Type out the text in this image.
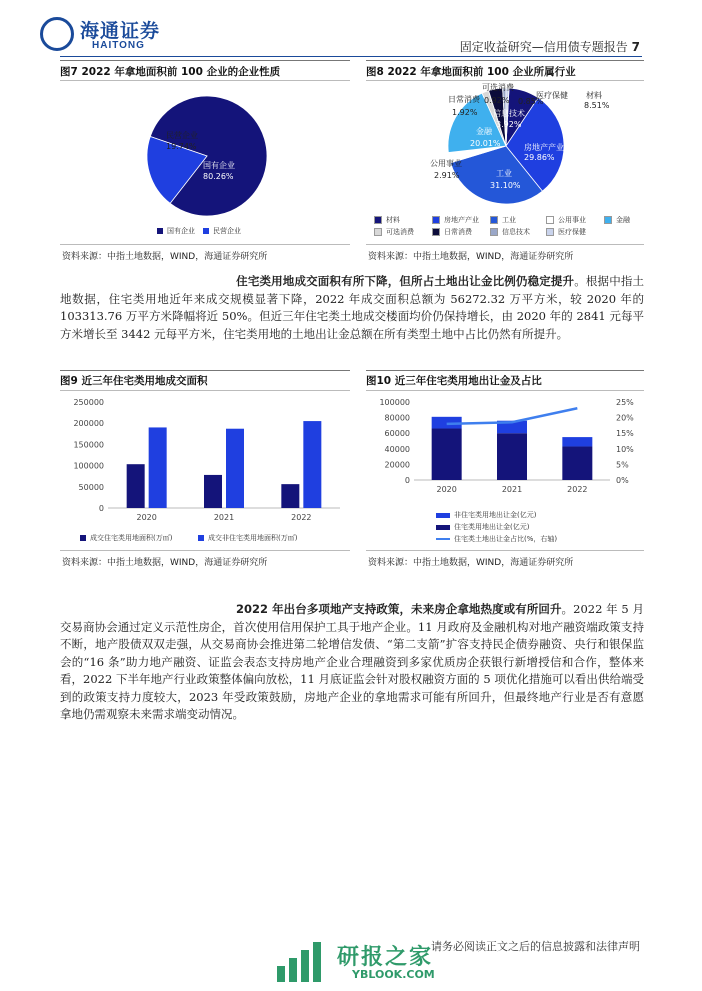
海通证券
HAITONG	固定收益研究—信用债专题报告 7
图7 2022 年拿地面积前 100 企业的企业性质
民营企业
19.74%
国有企业
80.26%
国有企业	民营企业
资料来源：中指土地数据，WIND，海通证券研究所
图8 2022 年拿地面积前 100 企业所属行业
医疗保健
0.85%
可选消费
0.92%
材料
8.51%
日常消费
1.92% 信息技术
3.92%
金融
20.01%	房地产产业
29.86%
公用事业
2.91%	工业
31.10%
材料	房地产产业	工业	公用事业	金融
可选消费	日常消费	信息技术	医疗保健
资料来源：中指土地数据，WIND，海通证券研究所
住宅类用地成交面积有所下降，但所占土地出让金比例仍稳定提升。根据中指土地数据，住宅类用地近年来成交规模显著下降，2022 年成交面积总额为 56272.32 万平方米，较 2020 年的 103313.76 万平方米降幅将近 50%。但近三年住宅类土地成交楼面均价仍保持增长，由 2020 年的 2841 元每平方米增长至 3442 元每平方米，住宅类用地的土地出让金总额在所有类型土地中占比仍然有所提升。
图9 近三年住宅类用地成交面积
0
50000
100000
150000
200000
250000
2020	2021	2022
成交住宅类用地面积(万㎡)	成交非住宅类用地面积(万㎡)
资料来源：中指土地数据，WIND，海通证券研究所
图10 近三年住宅类用地出让金及占比
0
20000
40000
60000
80000
100000
0%
5%
10%
15%
20%
25%
2020	2021	2022
非住宅类用地出让金(亿元)
住宅类用地出让金(亿元)
住宅类土地出让金占比(%，右轴)
资料来源：中指土地数据，WIND，海通证券研究所
2022 年出台多项地产支持政策，未来房企拿地热度或有所回升。2022 年 5 月交易商协会通过定义示范性房企，首次使用信用保护工具于地产企业。11 月政府及金融机构对地产融资端政策支持不断，地产股债双双走强，从交易商协会推进第二轮增信发债、“第二支箭”扩容支持民企债券融资、央行和银保监会的“16 条”助力地产融资、证监会表态支持房地产企业合理融资到多家优质房企获银行新增授信和合作，整体来看，2022 下半年地产行业政策整体偏向放松，11 月底证监会针对股权融资方面的 5 项优化措施可以看出供给端受到的政策支持力度较大，2023 年受政策鼓励，房地产企业的拿地需求可能有所回升，但最终地产行业是否有意愿拿地仍需观察未来需求端变动情况。
请务必阅读正文之后的信息披露和法律声明
研报之家
YBLOOK.COM
